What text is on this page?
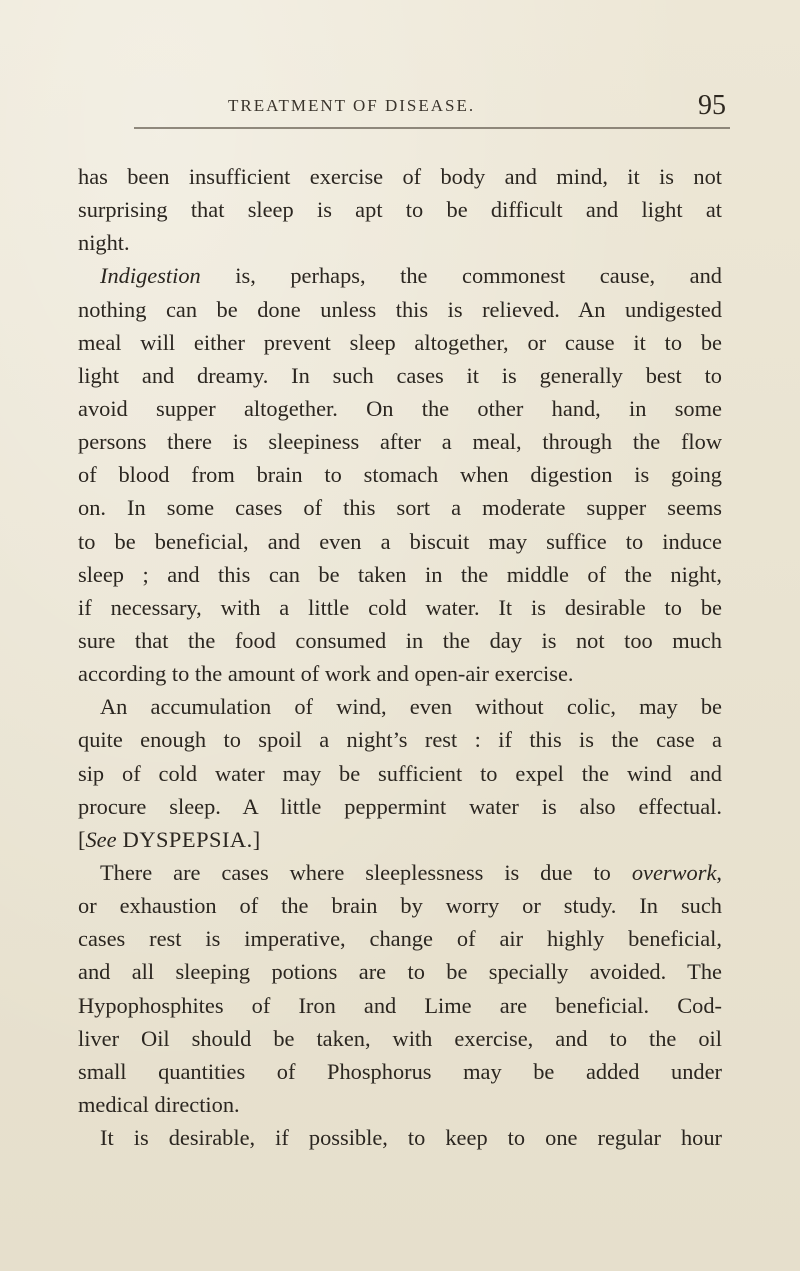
TREATMENT OF DISEASE.	95
has been insufficient exercise of body and mind, it is not
surprising that sleep is apt to be difficult and light at
night.
Indigestion is, perhaps, the commonest cause, and
nothing can be done unless this is relieved. An undigested
meal will either prevent sleep altogether, or cause it to be
light and dreamy. In such cases it is generally best to
avoid supper altogether. On the other hand, in some
persons there is sleepiness after a meal, through the flow
of blood from brain to stomach when digestion is going
on. In some cases of this sort a moderate supper seems
to be beneficial, and even a biscuit may suffice to induce
sleep ; and this can be taken in the middle of the night,
if necessary, with a little cold water. It is desirable to be
sure that the food consumed in the day is not too much
according to the amount of work and open-air exercise.
An accumulation of wind, even without colic, may be
quite enough to spoil a night’s rest : if this is the case a
sip of cold water may be sufficient to expel the wind and
procure sleep. A little peppermint water is also effectual.
[See DYSPEPSIA.]
There are cases where sleeplessness is due to overwork,
or exhaustion of the brain by worry or study. In such
cases rest is imperative, change of air highly beneficial,
and all sleeping potions are to be specially avoided. The
Hypophosphites of Iron and Lime are beneficial. Cod-
liver Oil should be taken, with exercise, and to the oil
small quantities of Phosphorus may be added under
medical direction.
It is desirable, if possible, to keep to one regular hour
